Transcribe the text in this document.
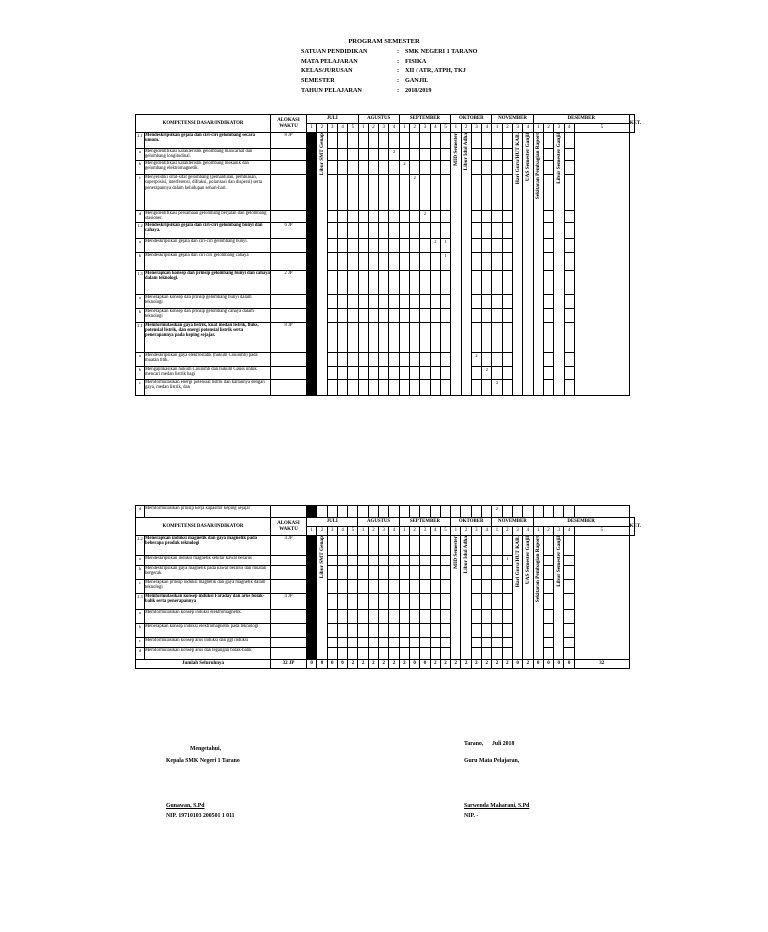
PROGRAM SEMESTER
SATUAN PENDIDIKAN	: SMK NEGERI 1 TARANO
MATA PELAJARAN	: FISIKA
KELAS/JURUSAN	: XII / ATR, ATPH, TKJ
SEMESTER	: GANJIL
TAHUN PELAJARAN	: 2018/2019
KOMPETENSI DASAR/INDIKATOR		ALOKASI WAKTU	JULI					AGUSTUS				SEPTEMBER					OKTOBER				NOVEMBER				DESEMBER					KET.
			1	2	3	4	5	1	2	3	4	1	2	3	4	5	1	2	3	4	1	2	3	4	1	2	3	4	5	
2.1	Mendeskripsikan gejala dan ciri-ciri gelombang secara umum.	8 JP		Libur SMT Genap													MID Semester	Libur Idul Adha					Hari Guru/HUT KAB.	UAS Semester Ganjil	Sekitaran Pembagian Raport		Libur Semester Ganjil			
a	Mengidentifikasi karakteristik gelombang mancarnal dan gelombang longitudinal.										2																			
b	Mengidentifikasi karakteristik gelombang mekanik dan gelombang elektromagnetik.											2																		
c	Menyelidiki sifat-sifat gelombang (pemantulan, pembiasan, superposisi, interferensi, difraksi, polarisasi dan dispersi) serta penerapannya dalam kehidupan sehari-hari.												2																	
d	Mengidentifikasi persamaan gelombang berjalan dan gelombang stasioner.													2																
1.2	Mendeskripsikan gejala dan ciri-ciri gelombang bunyi dan cahaya.	6 JP																												
a	Mendeskripsikan gejala dan ciri-ciri gelombang bunyi.														2	1														
b	Mendeskripsikan gejala dan ciri ciri gelombang cahaya															1														
1.3	Menerapkan konsep dan prinsip gelombang bunyi dan cahaya dalam teknologi.	2 JP																												
a	Menerapkan konsep dan prinsip gelombang bunyi dalam teknologi																													
b	Menerapkan konsep dan prinsip gelombang cahaya dalam teknologi																													
2.1	Memformulasikan gaya listrik, kuat medan listrik, fluks, potensial listrik, dan energi potensial listrik serta penerapannya pada keping sejajar.	8 JP																												
a	Mendeskripsikan gaya elektrostatik (hukum Coulomb) pada muatan titik.																		2											
b	Mengaplikasikan hukum Coulomb dan hukum Gauss untuk mencari medan listrik bagi																			2										
c	Memformulasikan energi potensial listrik dan kaitannya dengan gaya, medan listrik, dan																				2									
d	Memformulasikan prinsip kerja kapasitor keping sejajar																				2									
KOMPETENSI DASAR/INDIKATOR		ALOKASI WAKTU	JULI					AGUSTUS				SEPTEMBER					OKTOBER				NOVEMBER				DESEMBER					KET.
			1	2	3	4	5	1	2	3	4	1	2	3	4	5	1	2	3	4	1	2	3	4	1	2	3	4	5	
2.2	Menerapkan induksi magnetik dan gaya magnetik pada beberapa produk teknologi	4 JP		Libur SMT Genap													MID Semester	Libur Idul Adha					Hari Guru/HUT KAB.	UAS Semester Ganjil	Sekitaran Pembagian Raport		Libur Semester Ganjil			
a	Mendeskripsikan induksi magnetik sekitar kawat berarus																					1								
b	Mendeskripsikan gaya magnetik pada kawat berarus dan muatan bergerak.																													
c	Menerapkan prinsip induksi magnetik dan gaya magnetik dalam teknologi																													
2.3	Memformulasikan konsep induksi Faraday dan arus bolak-balik serta penerapannya	4 JP																												
a	Memformulasikan konsep induksi elektromagnetik.																													
b	Menerapkan konsep induksi elektromagnetik pada teknologi																													
c	Memformulasikan konsep arus induksi dan ggl induksi																													
d	Memformulasikan konsep arus dan tegangan bolak-balik																													
Jumlah Seluruhnya		32 JP	0	0	0	0	2	2	2	2	2	2	0	0	2	2	2	2	2	2	2	2	0	2	0	0	0	0	32	
Mengetahui,
Kepala SMK Negeri 1 Tarano
Gunawan, S.Pd
NIP. 19710103 200501 1 011
Tarano,      Juli 2018
Guru Mata Pelajaran,
Sarwenda Maharani, S.Pd
NIP. -
